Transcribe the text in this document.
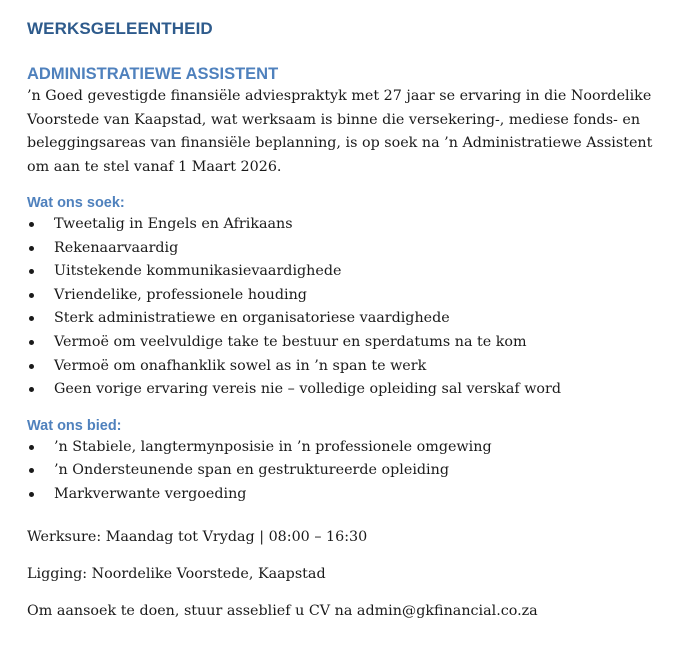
WERKSGELEENTHEID
ADMINISTRATIEWE ASSISTENT

’n Goed gevestigde finansiële adviespraktyk met 27 jaar se ervaring in die Noordelike Voorstede van Kaapstad, wat werksaam is binne die versekering-, mediese fonds- en beleggingsareas van finansiële beplanning, is op soek na ’n Administratiewe Assistent om aan te stel vanaf 1 Maart 2026.

Wat ons soek:
Tweetalig in Engels en Afrikaans
Rekenaarvaardig
Uitstekende kommunikasievaardighede
Vriendelike, professionele houding
Sterk administratiewe en organisatoriese vaardighede
Vermoë om veelvuldige take te bestuur en sperdatums na te kom
Vermoë om onafhanklik sowel as in ’n span te werk
Geen vorige ervaring vereis nie – volledige opleiding sal verskaf word
Wat ons bied:
’n Stabiele, langtermynposisie in ’n professionele omgewing
’n Ondersteunende span en gestruktureerde opleiding
Markverwante vergoeding

Werksure: Maandag tot Vrydag | 08:00 – 16:30

Ligging: Noordelike Voorstede, Kaapstad

Om aansoek te doen, stuur asseblief u CV na admin@gkfinancial.co.za
